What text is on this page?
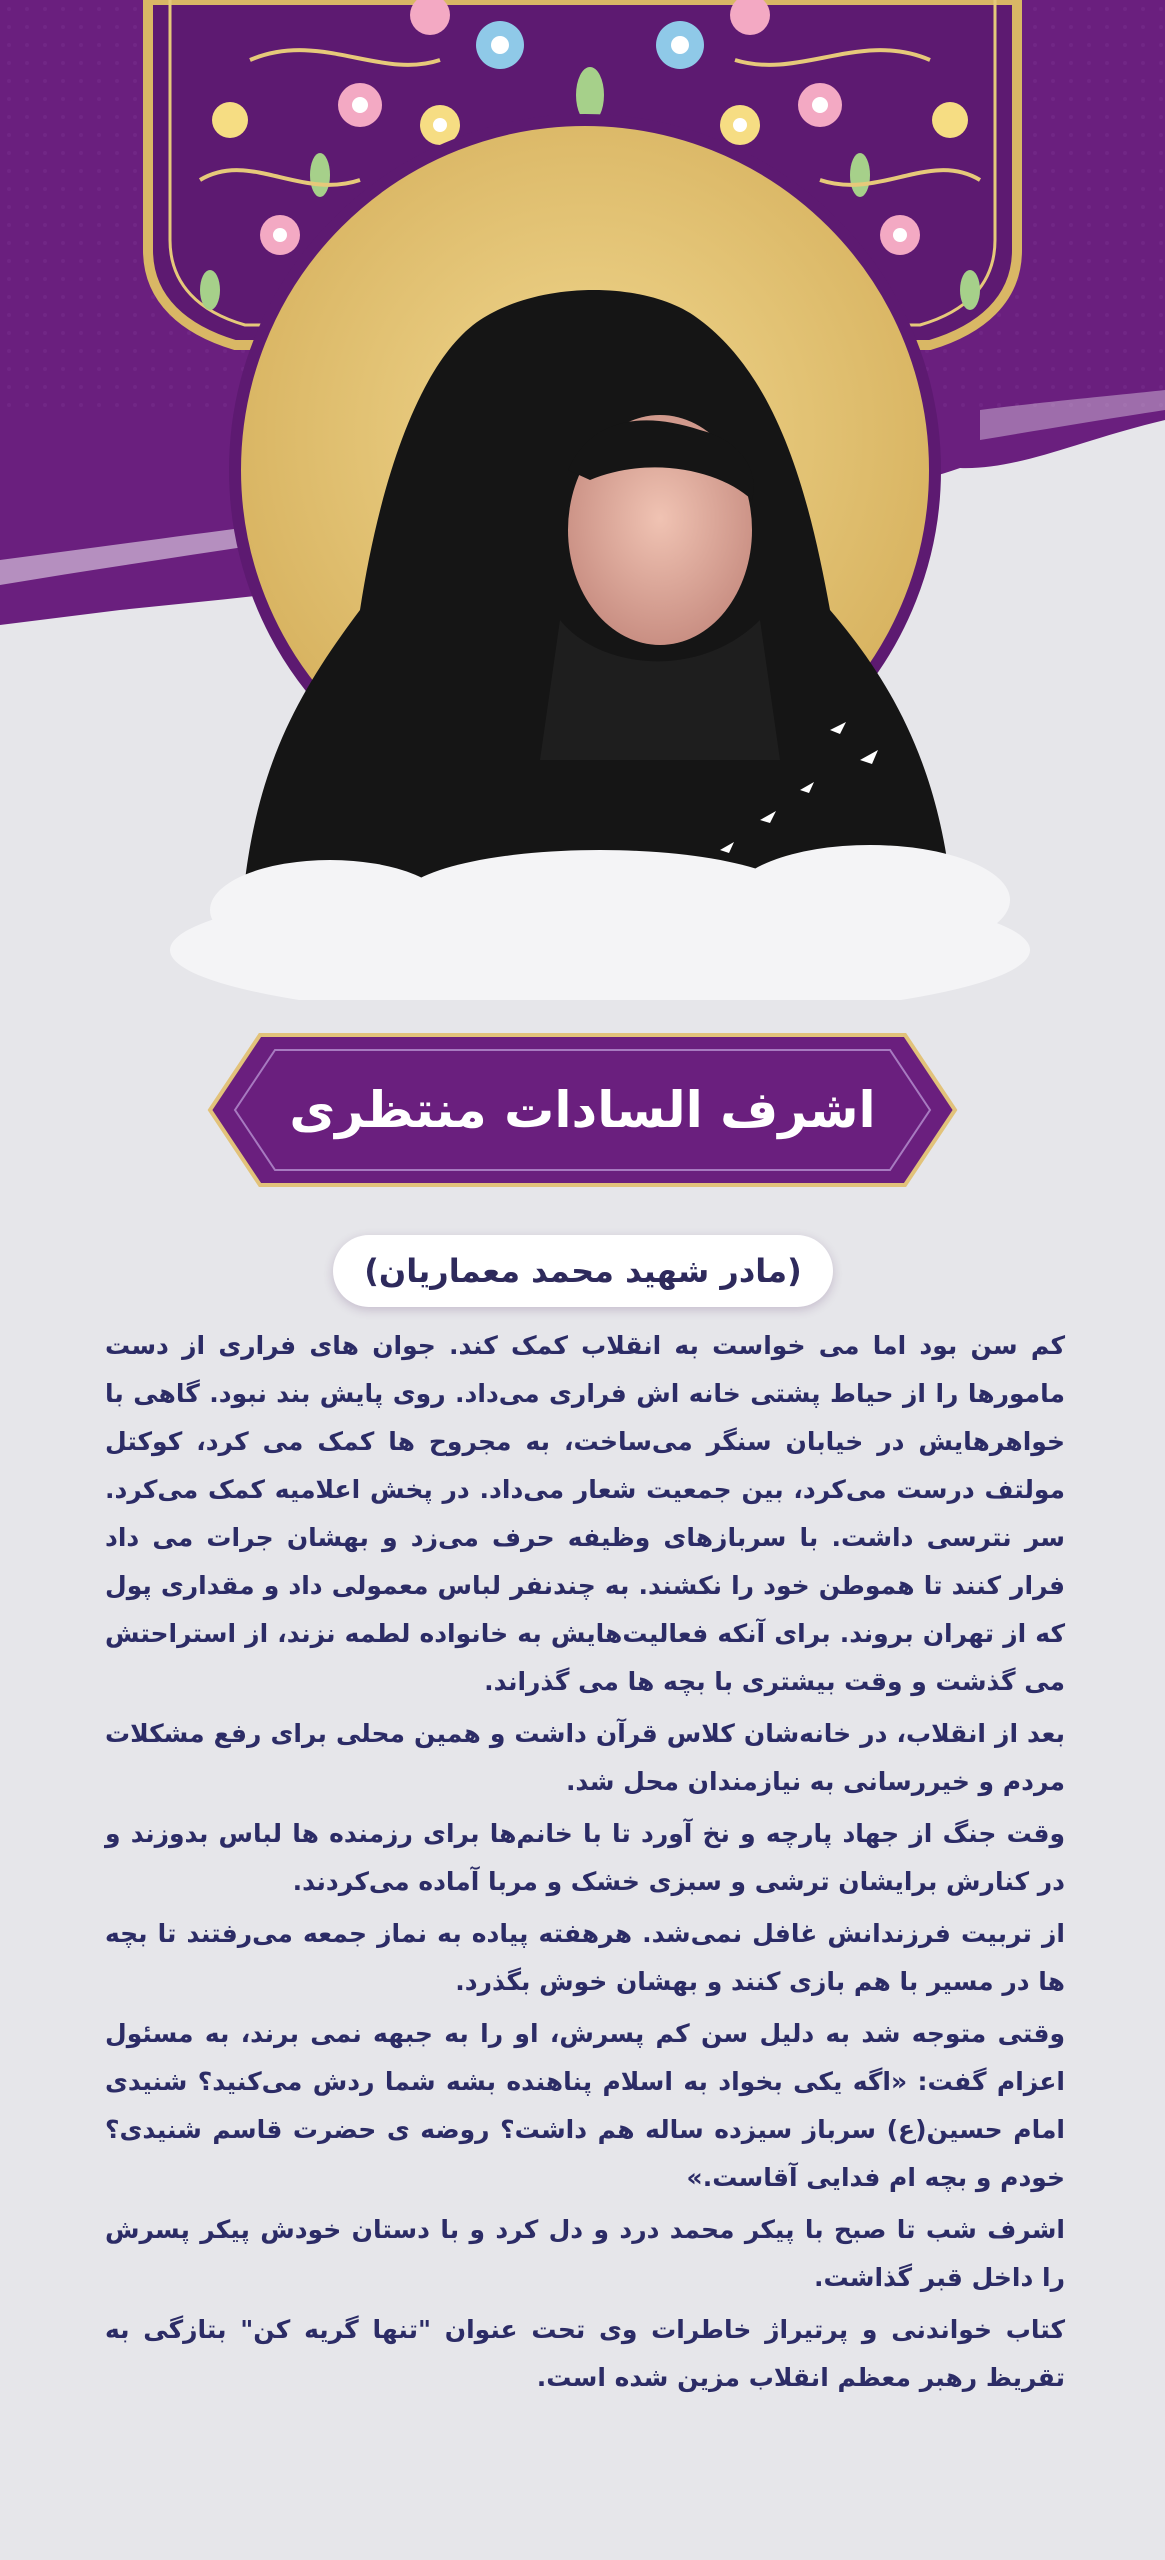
اشرف السادات منتظری
(مادر شهید محمد معماریان)

کم سن بود اما می خواست به انقلاب کمک کند. جوان های فراری از دست مامورها را از حیاط پشتی خانه اش فراری می‌داد. روی پایش بند نبود. گاهی با خواهرهایش در خیابان سنگر می‌ساخت، به مجروح ها کمک می کرد، کوکتل مولتف درست می‌کرد، بین جمعیت شعار می‌داد. در پخش اعلامیه کمک می‌کرد. سر نترسی داشت. با سربازهای وظیفه حرف می‌زد و بهشان جرات می داد فرار کنند تا هموطن خود را نکشند. به چندنفر لباس معمولی داد و مقداری پول که از تهران بروند. برای آنکه فعالیت‌هایش به خانواده لطمه نزند، از استراحتش می گذشت و وقت بیشتری با بچه ها می گذراند.

بعد از انقلاب، در خانه‌شان کلاس قرآن داشت و همین محلی برای رفع مشکلات مردم و خیررسانی به نیازمندان محل شد.

وقت جنگ از جهاد پارچه و نخ آورد تا با خانم‌ها برای رزمنده ها لباس بدوزند و در کنارش برایشان ترشی و سبزی خشک و مربا آماده می‌کردند.

از تربیت فرزندانش غافل نمی‌شد. هرهفته پیاده به نماز جمعه می‌رفتند تا بچه ها در مسیر با هم بازی کنند و بهشان خوش بگذرد.

وقتی متوجه شد به دلیل سن کم پسرش، او را به جبهه نمی برند، به مسئول اعزام گفت: «اگه یکی بخواد به اسلام پناهنده بشه شما ردش می‌کنید؟ شنیدی امام حسین(ع) سرباز سیزده ساله هم داشت؟ روضه ی حضرت قاسم شنیدی؟ خودم و بچه ام فدایی آقاست.»

اشرف شب تا صبح با پیکر محمد درد و دل کرد و با دستان خودش پیکر پسرش را داخل قبر گذاشت.

کتاب خواندنی و پرتیراژ خاطرات وی تحت عنوان "تنها گریه کن" بتازگی به تقریظ رهبر معظم انقلاب مزین شده است.
